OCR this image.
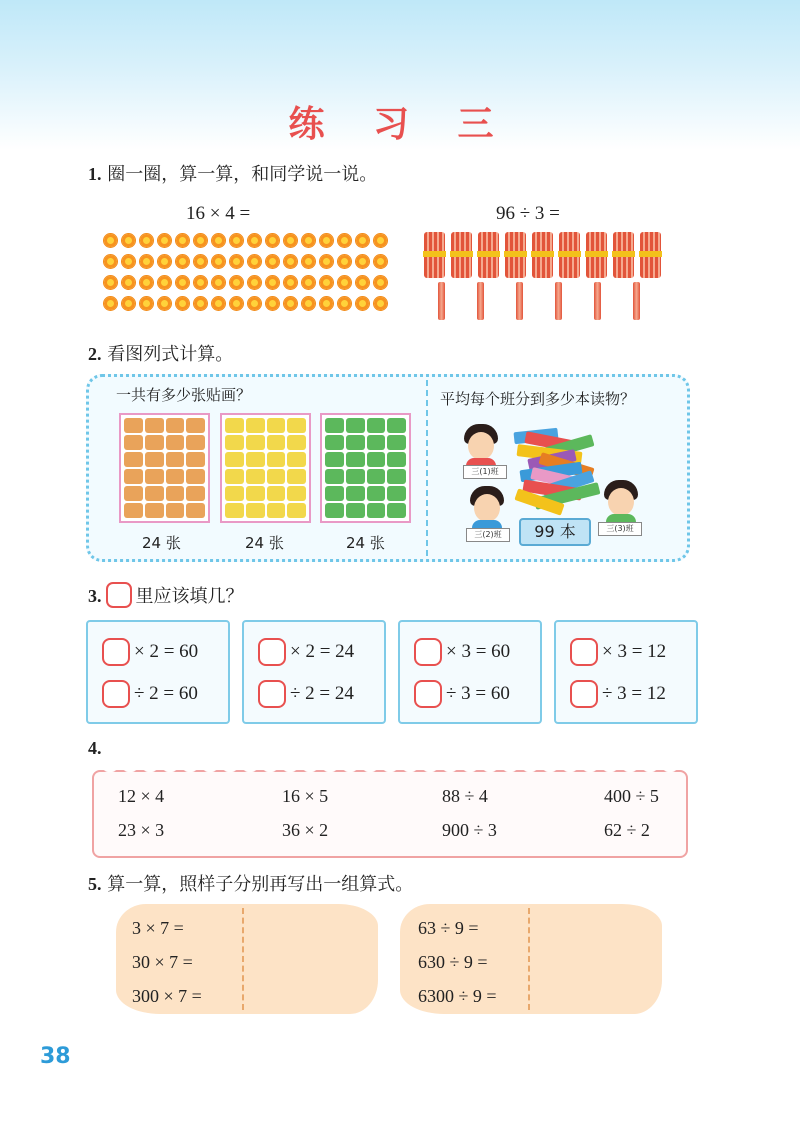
练 习 三
1. 圈一圈，算一算，和同学说一说。
16 × 4 =	96 ÷ 3 =
2. 看图列式计算。
一共有多少张贴画？	平均每个班分到多少本读物？
24 张	24 张	24 张
三(1)班
三(2)班	99 本	三(3)班
3. 里应该填几？
× 2 = 60
÷ 2 = 60
× 2 = 24
÷ 2 = 24
× 3 = 60
÷ 3 = 60
× 3 = 12
÷ 3 = 12
4.
12 × 4	16 × 5	88 ÷ 4	400 ÷ 5
23 × 3	36 × 2	900 ÷ 3	62 ÷ 2
5. 算一算，照样子分别再写出一组算式。
3 × 7 =
30 × 7 =
300 × 7 =
63 ÷ 9 =
630 ÷ 9 =
6300 ÷ 9 =
38
